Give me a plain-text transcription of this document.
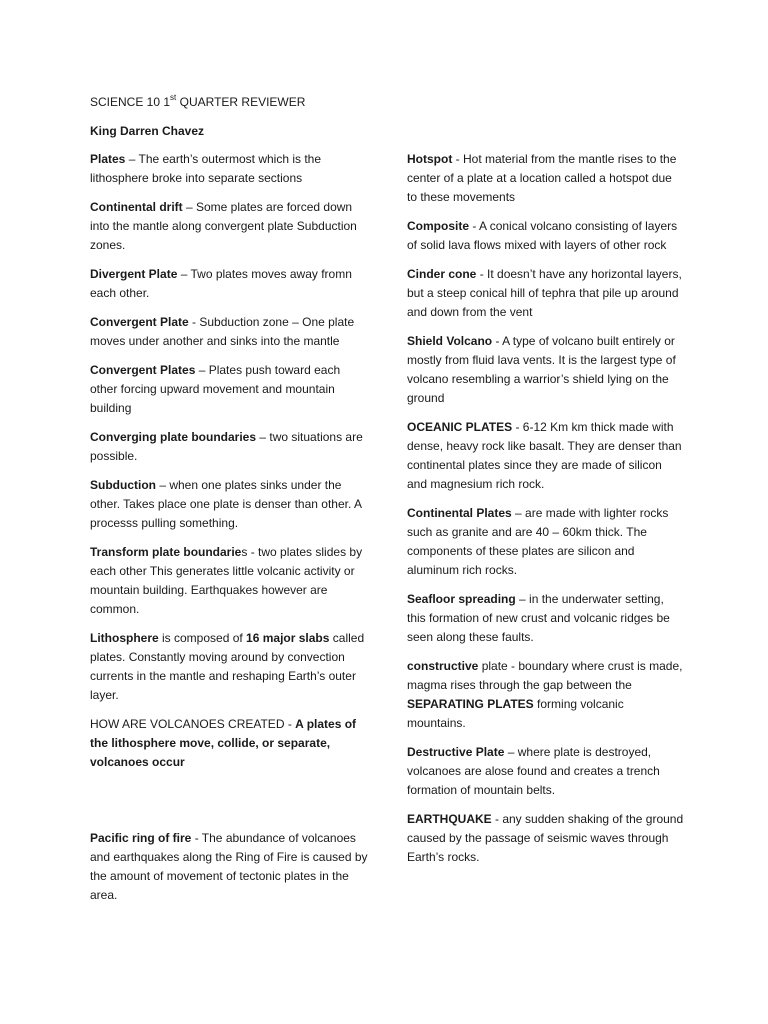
SCIENCE 10 1st QUARTER REVIEWER
King Darren Chavez

Plates – The earth’s outermost which is the lithosphere broke into separate sections

Continental drift – Some plates are forced down into the mantle along convergent plate Subduction zones.

Divergent Plate – Two plates moves away fromn each other.

Convergent Plate - Subduction zone – One plate moves under another and sinks into the mantle

Convergent Plates – Plates push toward each other forcing upward movement and mountain building

Converging plate boundaries – two situations are possible.

Subduction – when one plates sinks under the other. Takes place one plate is denser than other. A processs pulling something.

Transform plate boundaries - two plates slides by each other This generates little volcanic activity or mountain building. Earthquakes however are common.

Lithosphere is composed of 16 major slabs called plates. Constantly moving around by convection currents in the mantle and reshaping Earth’s outer layer.

HOW ARE VOLCANOES CREATED - A plates of the lithosphere move, collide, or separate, volcanoes occur

Pacific ring of fire - The abundance of volcanoes and earthquakes along the Ring of Fire is caused by the amount of movement of tectonic plates in the area.

Hotspot - Hot material from the mantle rises to the center of a plate at a location called a hotspot due to these movements

Composite - A conical volcano consisting of layers of solid lava flows mixed with layers of other rock

Cinder cone - It doesn’t have any horizontal layers, but a steep conical hill of tephra that pile up around and down from the vent

Shield Volcano - A type of volcano built entirely or mostly from fluid lava vents. It is the largest type of volcano resembling a warrior’s shield lying on the ground

OCEANIC PLATES - 6-12 Km km thick made with dense, heavy rock like basalt. They are denser than continental plates since they are made of silicon and magnesium rich rock.

Continental Plates – are made with lighter rocks such as granite and are 40 – 60km thick. The components of these plates are silicon and aluminum rich rocks.

Seafloor spreading – in the underwater setting, this formation of new crust and volcanic ridges be seen along these faults.

constructive plate - boundary where crust is made, magma rises through the gap between the SEPARATING PLATES forming volcanic mountains.

Destructive Plate – where plate is destroyed, volcanoes are alose found and creates a trench formation of mountain belts.

EARTHQUAKE - any sudden shaking of the ground caused by the passage of seismic waves through Earth’s rocks.
